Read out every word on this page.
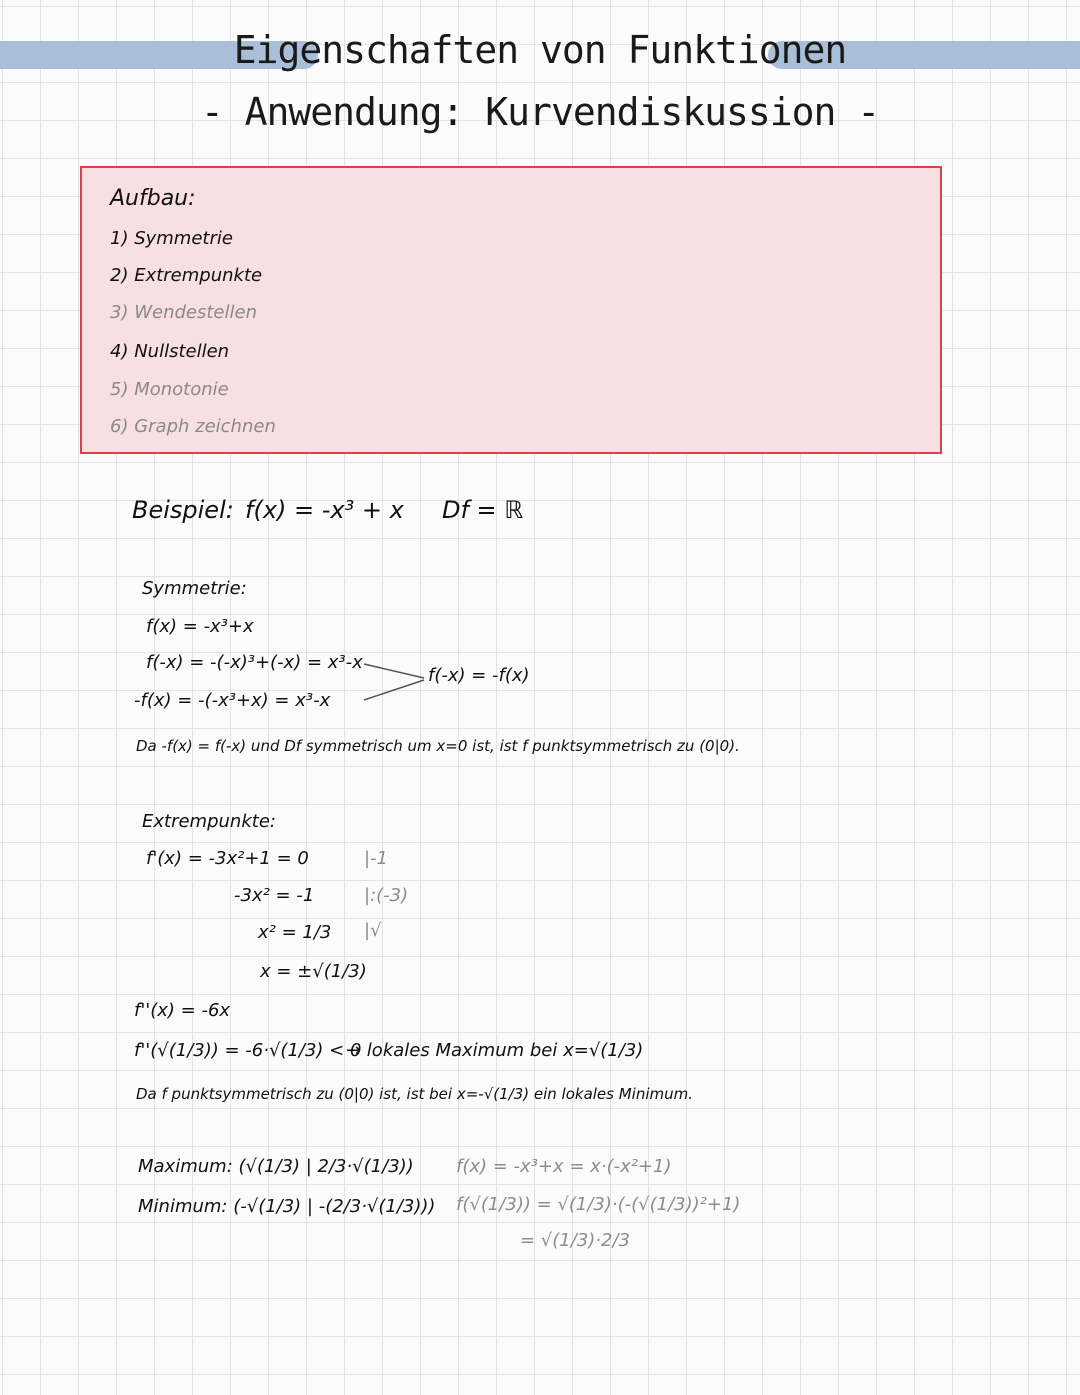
Eigenschaften von Funktionen
- Anwendung: Kurvendiskussion -
Aufbau:
1) Symmetrie
2) Extrempunkte
3) Wendestellen
4) Nullstellen
5) Monotonie
6) Graph zeichnen
Beispiel: f(x) = -x³ + x Df = ℝ
Symmetrie:
f(x) = -x³+x
f(-x) = -(-x)³+(-x) = x³-x
-f(x) = -(-x³+x) = x³-x
f(-x) = -f(x)
Da -f(x) = f(-x) und Df symmetrisch um x=0 ist, ist f punktsymmetrisch zu (0|0).
Extrempunkte:
f'(x) = -3x²+1 = 0
-3x² = -1
x² = 1/3
x = ±√(1/3)
|-1
|:(-3)
|√
f''(x) = -6x
f''(√(1/3)) = -6·√(1/3) < 0
→ lokales Maximum bei x=√(1/3)
Da f punktsymmetrisch zu (0|0) ist, ist bei x=-√(1/3) ein lokales Minimum.
Maximum: (√(1/3) | 2/3·√(1/3))
Minimum: (-√(1/3) | -(2/3·√(1/3)))
f(x) = -x³+x = x·(-x²+1)
f(√(1/3)) = √(1/3)·(-(√(1/3))²+1)
= √(1/3)·2/3
